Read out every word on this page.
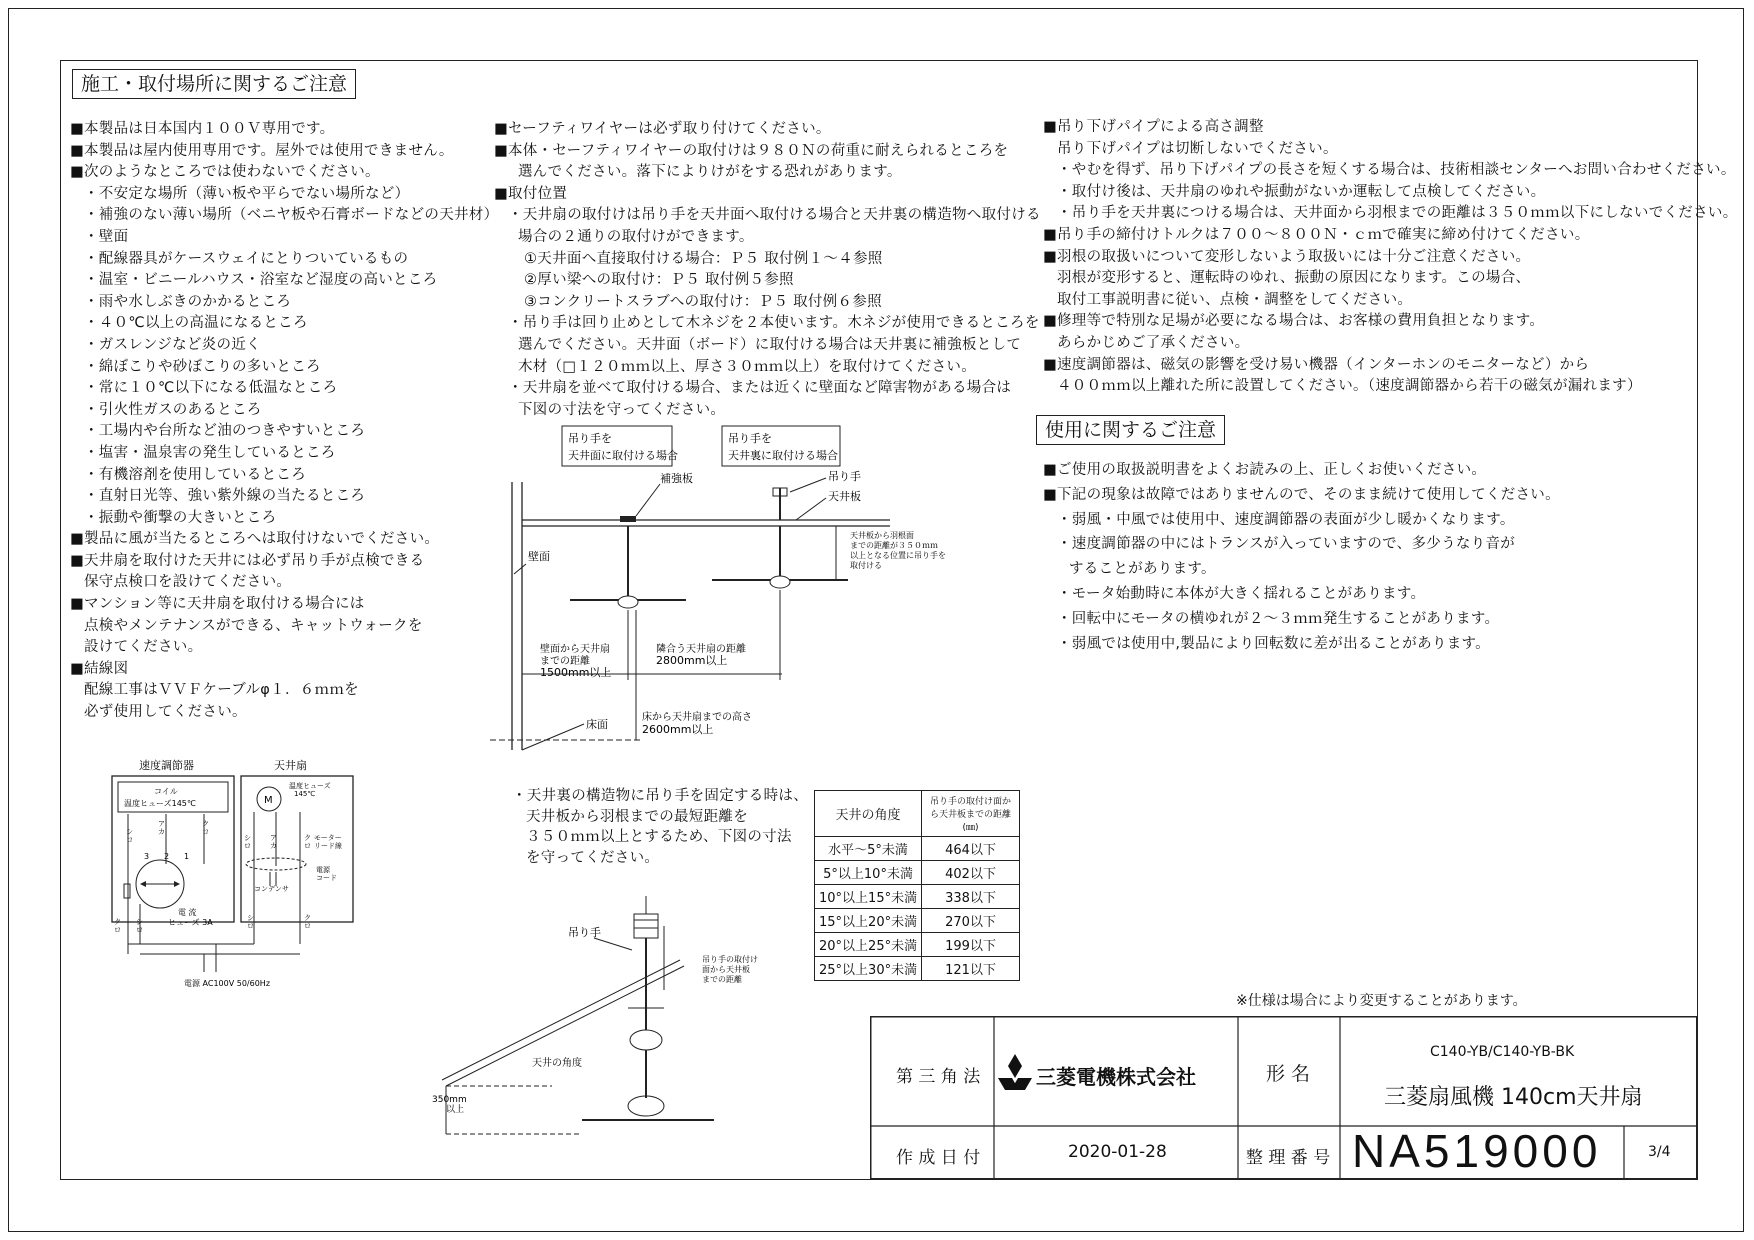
施工・取付場所に関するご注意
■本製品は日本国内１００Ｖ専用です。
■本製品は屋内使用専用です。屋外では使用できません。
■次のようなところでは使わないでください。
・不安定な場所（薄い板や平らでない場所など）
・補強のない薄い場所（ベニヤ板や石膏ボードなどの天井材）
・壁面
・配線器具がケースウェイにとりついているもの
・温室・ビニールハウス・浴室など湿度の高いところ
・雨や水しぶきのかかるところ
・４０℃以上の高温になるところ
・ガスレンジなど炎の近く
・綿ぼこりや砂ぼこりの多いところ
・常に１０℃以下になる低温なところ
・引火性ガスのあるところ
・工場内や台所など油のつきやすいところ
・塩害・温泉害の発生しているところ
・有機溶剤を使用しているところ
・直射日光等、強い紫外線の当たるところ
・振動や衝撃の大きいところ
■製品に風が当たるところへは取付けないでください。
■天井扇を取付けた天井には必ず吊り手が点検できる
保守点検口を設けてください。
■マンション等に天井扇を取付ける場合には
点検やメンテナンスができる、キャットウォークを
設けてください。
■結線図
配線工事はＶＶＦケーブルφ１．６ｍｍを
必ず使用してください。
■セーフティワイヤーは必ず取り付けてください。
■本体・セーフティワイヤーの取付けは９８０Ｎの荷重に耐えられるところを
選んでください。落下によりけがをする恐れがあります。
■取付位置
・天井扇の取付けは吊り手を天井面へ取付ける場合と天井裏の構造物へ取付ける
場合の２通りの取付けができます。
①天井面へ直接取付ける場合：Ｐ５ 取付例１～４参照
②厚い梁への取付け：Ｐ５ 取付例５参照
③コンクリートスラブへの取付け：Ｐ５ 取付例６参照
・吊り手は回り止めとして木ネジを２本使います。木ネジが使用できるところを
選んでください。天井面（ボード）に取付ける場合は天井裏に補強板として
木材（□１２０ｍｍ以上、厚さ３０ｍｍ以上）を取付けてください。
・天井扇を並べて取付ける場合、または近くに壁面など障害物がある場合は
下図の寸法を守ってください。
■吊り下げパイプによる高さ調整
吊り下げパイプは切断しないでください。
・やむを得ず、吊り下げパイプの長さを短くする場合は、技術相談センターへお問い合わせください。
・取付け後は、天井扇のゆれや振動がないか運転して点検してください。
・吊り手を天井裏につける場合は、天井面から羽根までの距離は３５０ｍｍ以下にしないでください。
■吊り手の締付けトルクは７００～８００Ｎ・ｃｍで確実に締め付けてください。
■羽根の取扱いについて変形しないよう取扱いには十分ご注意ください。
羽根が変形すると、運転時のゆれ、振動の原因になります。この場合、
取付工事説明書に従い、点検・調整をしてください。
■修理等で特別な足場が必要になる場合は、お客様の費用負担となります。
あらかじめご了承ください。
■速度調節器は、磁気の影響を受け易い機器（インターホンのモニターなど）から
４００ｍｍ以上離れた所に設置してください。（速度調節器から若干の磁気が漏れます）
使用に関するご注意
■ご使用の取扱説明書をよくお読みの上、正しくお使いください。
■下記の現象は故障ではありませんので、そのまま続けて使用してください。
・弱風・中風では使用中、速度調節器の表面が少し暖かくなります。
・速度調節器の中にはトランスが入っていますので、多少うなり音が
することがあります。
・モータ始動時に本体が大きく揺れることがあります。
・回転中にモータの横ゆれが２～３ｍｍ発生することがあります。
・弱風では使用中,製品により回転数に差が出ることがあります。
・天井裏の構造物に吊り手を固定する時は、
天井板から羽根までの最短距離を
３５０ｍｍ以上とするため、下図の寸法
を守ってください。
速度調節器	天井扇
コイル
温度ヒューズ145℃
3 2 1
シ
ロ
ア
カ
ク
ロ
ク
ロ
シ
ロ
電 流
ヒューズ 3A
M
温度ヒューズ
145℃
シ
ロ
ア
カ
ク
ロ
モーター
リード線
コンデンサ
電源
コード
シ
ロ
ク
ロ
電源 AC100V 50/60Hz
吊り手を
天井面に取付ける場合
吊り手を
天井裏に取付ける場合
補強板	吊り手
天井板
天井板から羽根面
までの距離が３５０ｍｍ
以上となる位置に吊り手を
取付ける
壁面
壁面から天井扇
までの距離
1500mm以上
隣合う天井扇の距離
2800mm以上
床面
床から天井扇までの高さ
2600mm以上
吊り手
吊り手の取付け
面から天井板
までの距離
天井の角度
350mm
以上
天井の角度	吊り手の取付け面から天井板までの距離(㎜)
水平～5°未満	464以下
5°以上10°未満	402以下
10°以上15°未満	338以下
15°以上20°未満	270以下
20°以上25°未満	199以下
25°以上30°未満	121以下
※仕様は場合により変更することがあります。
第 三 角 法	三菱電機株式会社	形 名
C140-YB/C140-YB-BK
三菱扇風機 140cm天井扇
作 成 日 付	2020-01-28	整 理 番 号 NA519000	3/4
